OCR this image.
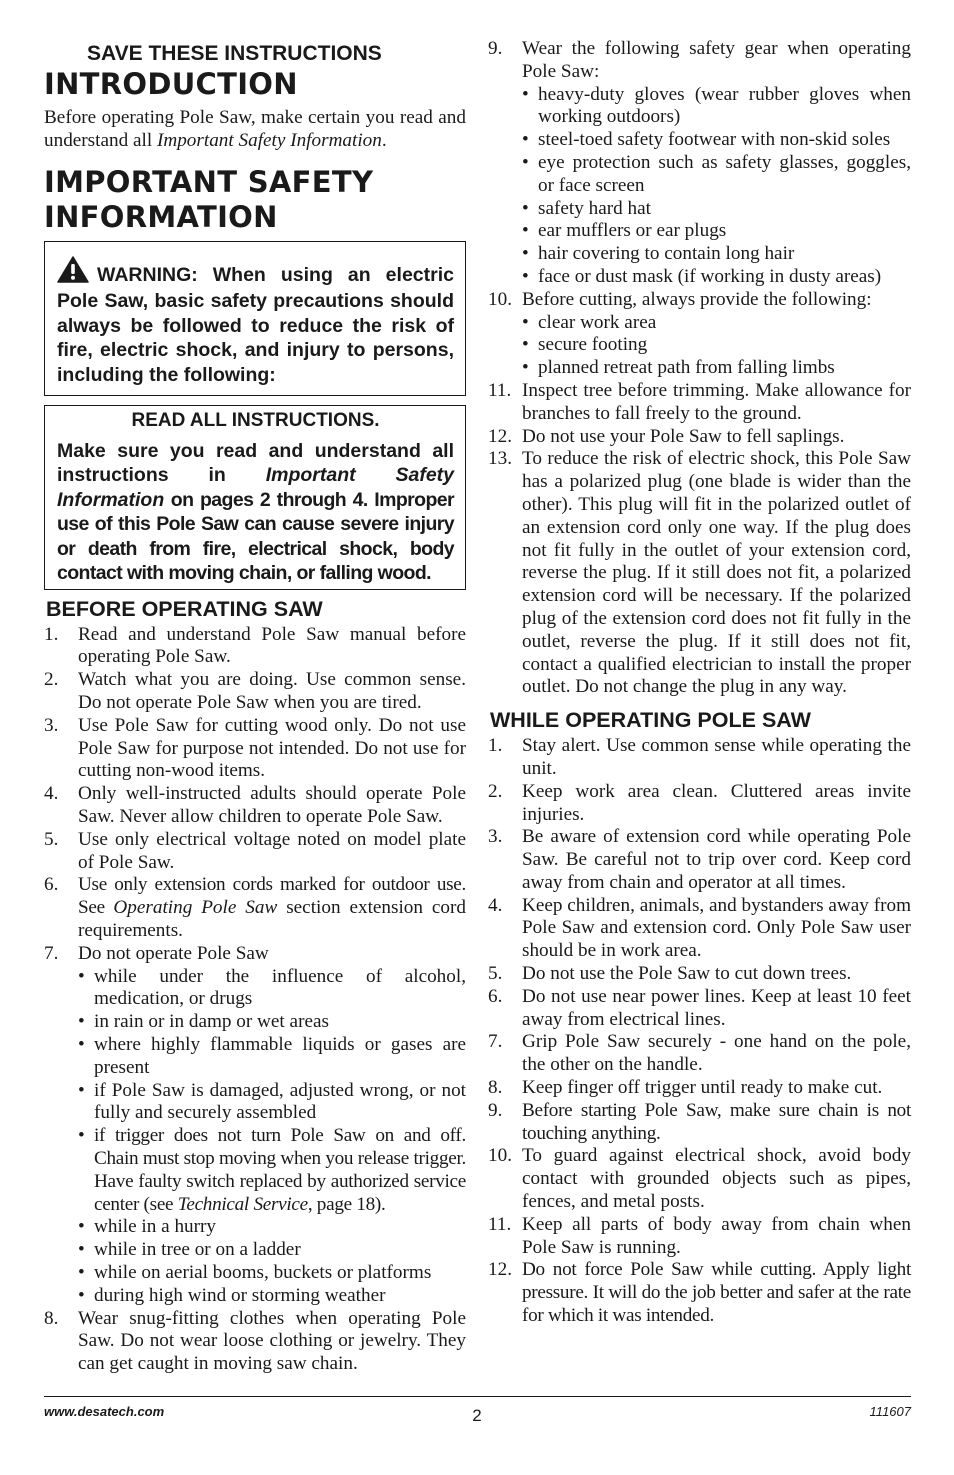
SAVE THESE INSTRUCTIONS
INTRODUCTION
Before operating Pole Saw, make certain you read and understand all Important Safety Information.
IMPORTANT SAFETY
INFORMATION
WARNING: When using an electric Pole Saw, basic safety precautions should always be followed to reduce the risk of fire, electric shock, and injury to persons, including the following:
READ ALL INSTRUCTIONS.
Make sure you read and understand all instructions in Important Safety Information on pages 2 through 4. Improper use of this Pole Saw can cause severe injury or death from fire, electrical shock, body contact with moving chain, or falling wood.
BEFORE OPERATING SAW
1. Read and understand Pole Saw manual before operating Pole Saw.
2. Watch what you are doing. Use common sense. Do not operate Pole Saw when you are tired.
3. Use Pole Saw for cutting wood only. Do not use Pole Saw for purpose not intended. Do not use for cutting non-wood items.
4. Only well-instructed adults should operate Pole Saw. Never allow children to operate Pole Saw.
5. Use only electrical voltage noted on model plate of Pole Saw.
6. Use only extension cords marked for outdoor use. See Operating Pole Saw section extension cord requirements.
7. Do not operate Pole Saw
• while under the influence of alcohol, medication, or drugs
• in rain or in damp or wet areas
• where highly flammable liquids or gases are present
• if Pole Saw is damaged, adjusted wrong, or not fully and securely assembled
• if trigger does not turn Pole Saw on and off. Chain must stop moving when you release trigger. Have faulty switch replaced by authorized service center (see Technical Service, page 18).
• while in a hurry
• while in tree or on a ladder
• while on aerial booms, buckets or platforms
• during high wind or storming weather
8. Wear snug-fitting clothes when operating Pole Saw. Do not wear loose clothing or jewelry. They can get caught in moving saw chain.
9. Wear the following safety gear when operating Pole Saw:
• heavy-duty gloves (wear rubber gloves when working outdoors)
• steel-toed safety footwear with non-skid soles
• eye protection such as safety glasses, goggles, or face screen
• safety hard hat
• ear mufflers or ear plugs
• hair covering to contain long hair
• face or dust mask (if working in dusty areas)
10. Before cutting, always provide the following:
• clear work area
• secure footing
• planned retreat path from falling limbs
11. Inspect tree before trimming. Make allowance for branches to fall freely to the ground.
12. Do not use your Pole Saw to fell saplings.
13. To reduce the risk of electric shock, this Pole Saw has a polarized plug (one blade is wider than the other). This plug will fit in the polarized outlet of an extension cord only one way. If the plug does not fit fully in the outlet of your extension cord, reverse the plug. If it still does not fit, a polarized extension cord will be necessary. If the polarized plug of the extension cord does not fit fully in the outlet, reverse the plug. If it still does not fit, contact a qualified electrician to install the proper outlet. Do not change the plug in any way.
WHILE OPERATING POLE SAW
1. Stay alert. Use common sense while operating the unit.
2. Keep work area clean. Cluttered areas invite injuries.
3. Be aware of extension cord while operating Pole Saw. Be careful not to trip over cord. Keep cord away from chain and operator at all times.
4. Keep children, animals, and bystanders away from Pole Saw and extension cord. Only Pole Saw user should be in work area.
5. Do not use the Pole Saw to cut down trees.
6. Do not use near power lines. Keep at least 10 feet away from electrical lines.
7. Grip Pole Saw securely - one hand on the pole, the other on the handle.
8. Keep finger off trigger until ready to make cut.
9. Before starting Pole Saw, make sure chain is not touching anything.
10. To guard against electrical shock, avoid body contact with grounded objects such as pipes, fences, and metal posts.
11. Keep all parts of body away from chain when Pole Saw is running.
12. Do not force Pole Saw while cutting. Apply light pressure. It will do the job better and safer at the rate for which it was intended.
www.desatech.com	2	111607
